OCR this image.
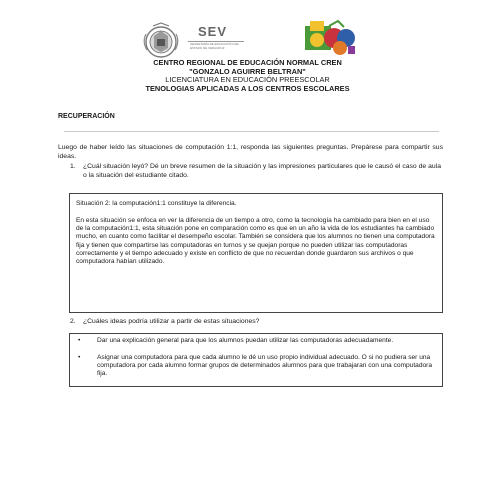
SEV
SECRETARÍA DE EDUCACIÓN DEL ESTADO DE VERACRUZ
CENTRO REGIONAL DE EDUCACIÓN NORMAL CREN
"GONZALO AGUIRRE BELTRAN"
LICENCIATURA EN EDUCACIÓN PREESCOLAR
TENOLOGIAS APLICADAS A LOS CENTROS ESCOLARES
RECUPERACIÓN
Luego de haber leído las situaciones de computación 1:1, responda las siguientes preguntas. Prepárese para compartir sus ideas.
1. ¿Cuál situación leyó? Dé un breve resumen de la situación y las impresiones particulares que le causó el caso de aula o la situación del estudiante citado.
Situación 2: la computación1:1 constituye la diferencia.
En esta situación se enfoca en ver la diferencia de un tiempo a otro, como la tecnología ha cambiado para bien en el uso de la computación1:1, esta situación pone en comparación como es que en un año la vida de los estudiantes ha cambiado mucho, en cuanto como facilitar el desempeño escolar. También se considera que los alumnos no tienen una computadora fija y tienen que compartirse las computadoras en turnos y se quejan porque no pueden utilizar las computadoras correctamente y el tiempo adecuado y existe en conflicto de que no recuerdan donde guardaron sus archivos o que computadora habían utilizado.
2. ¿Cuáles ideas podría utilizar a partir de estas situaciones?
•	Dar una explicación general para que los alumnos puedan utilizar las computadoras adecuadamente.
•	Asignar una computadora para que cada alumno le dé un uso propio individual adecuado. O si no pudiera ser una computadora por cada alumno formar grupos de determinados alumnos para que trabajaran con una computadora fija.
